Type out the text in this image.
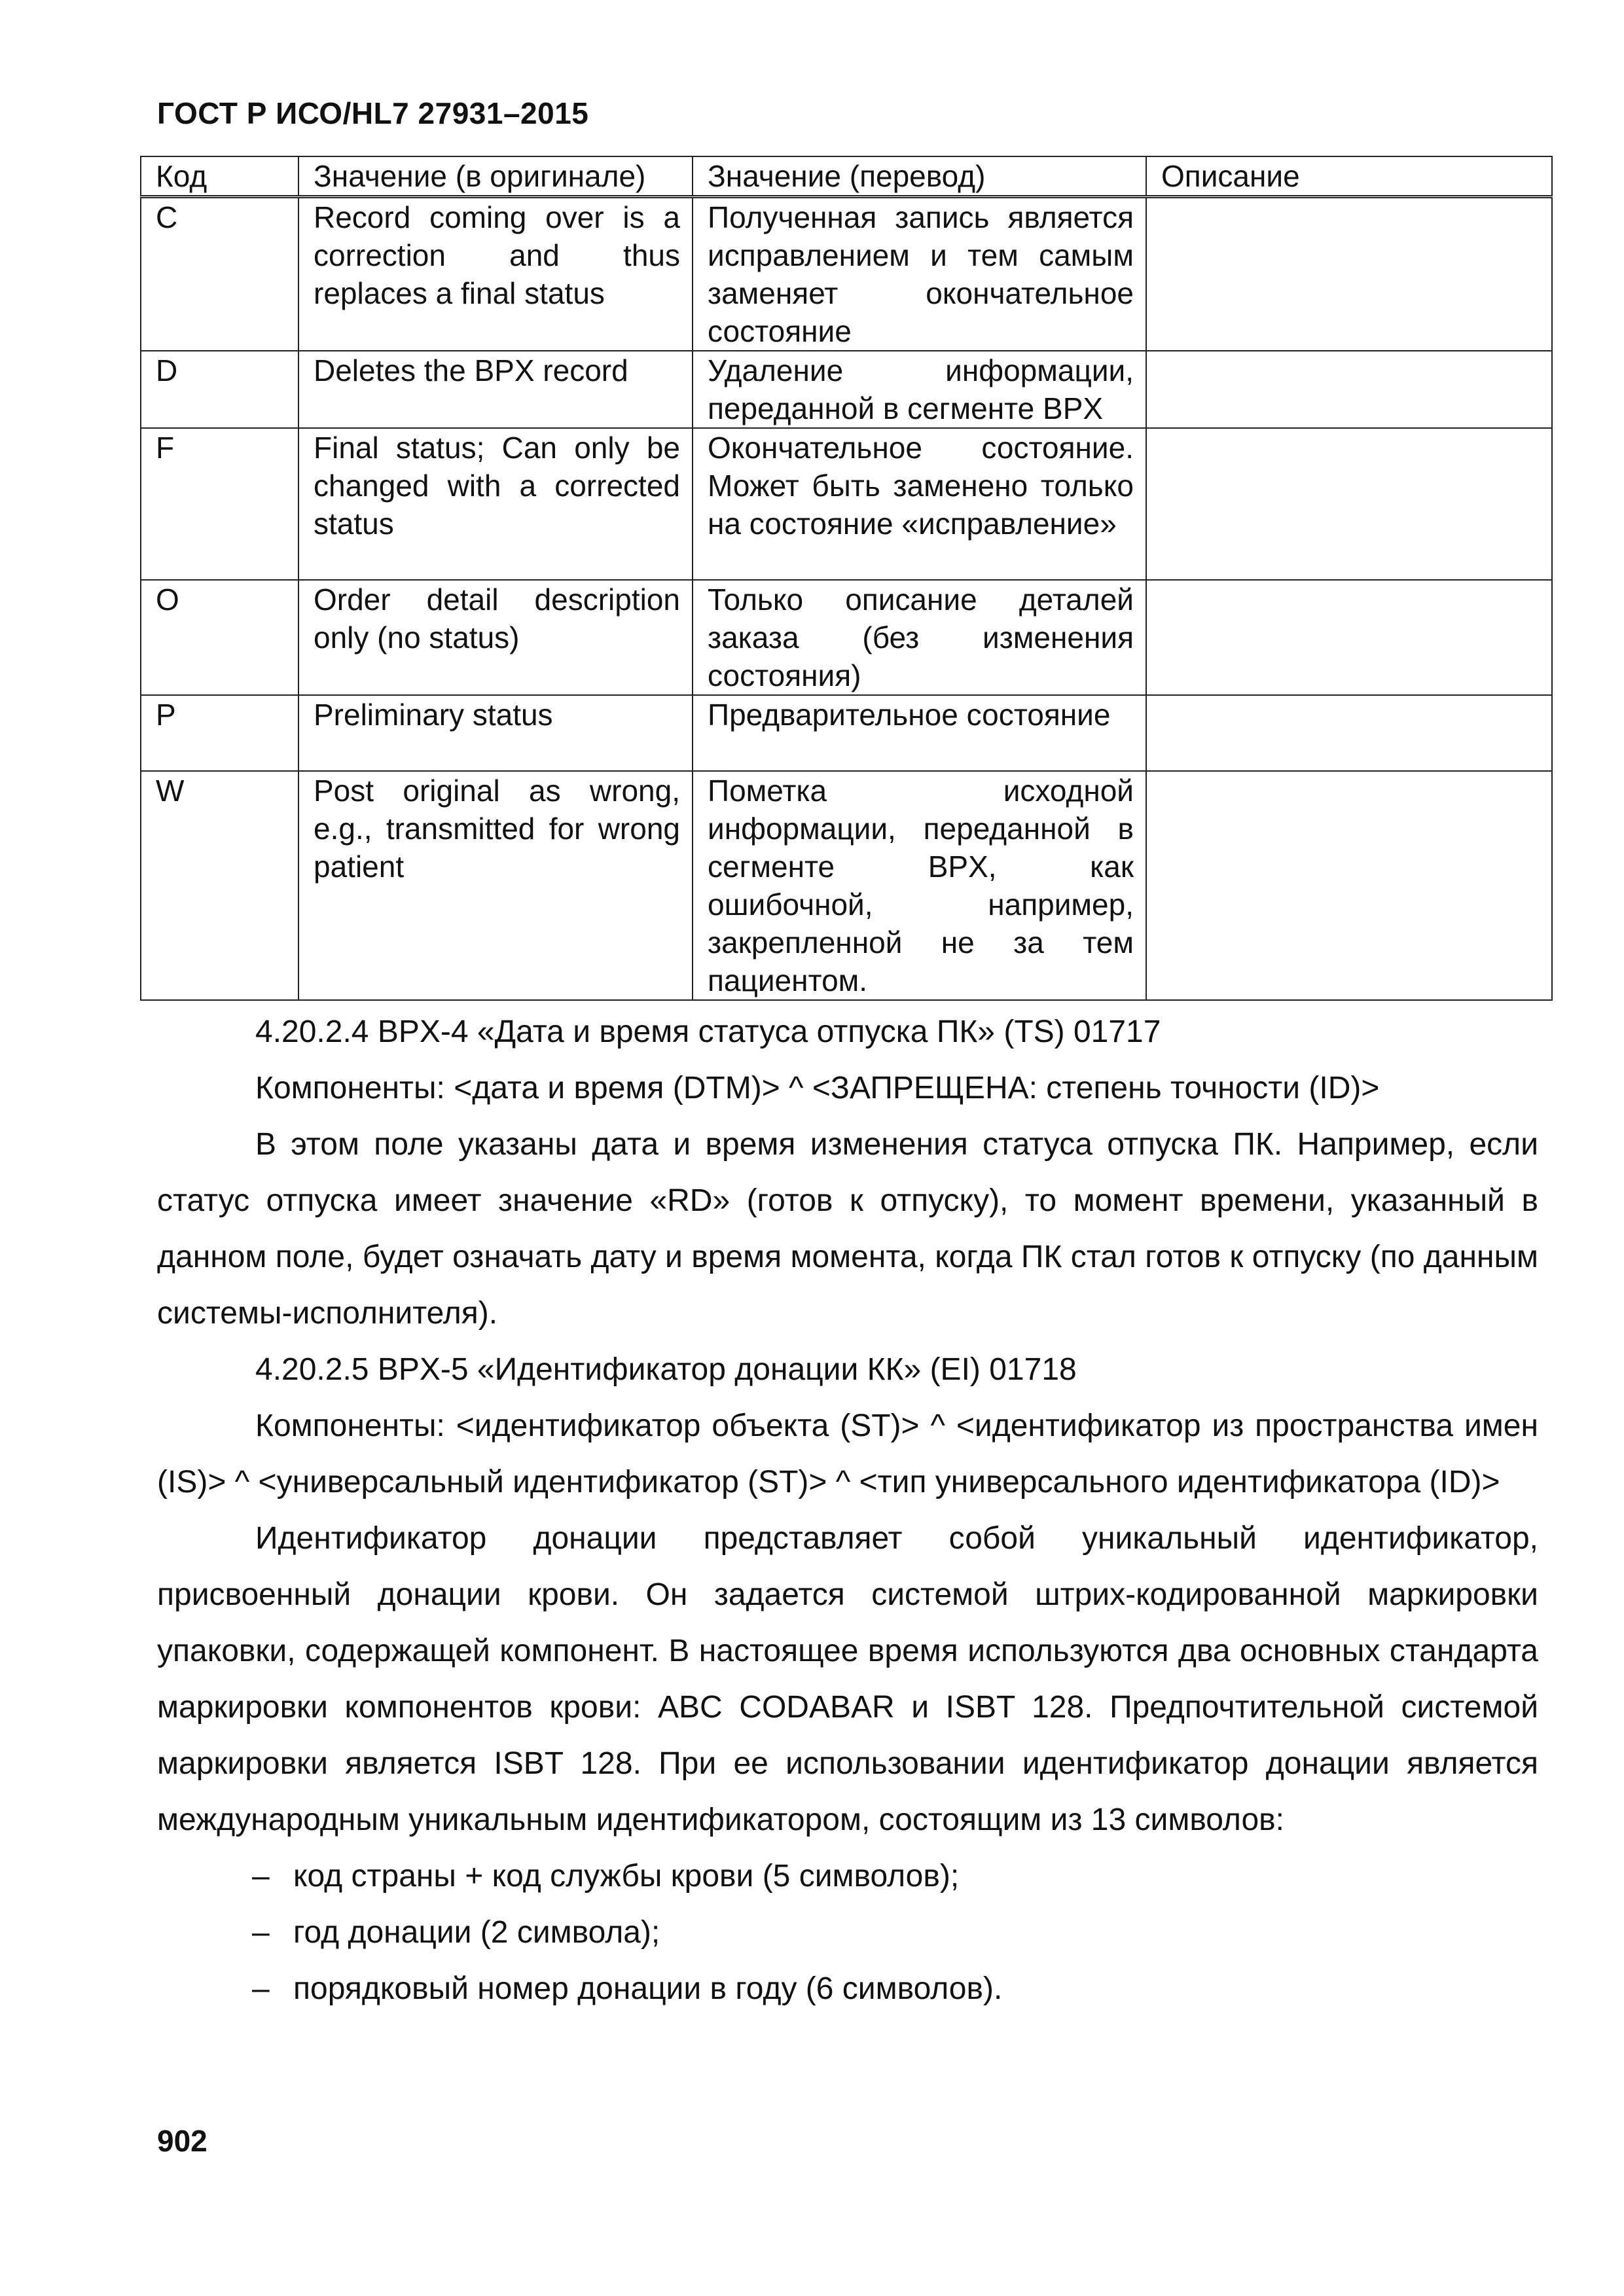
ГОСТ Р ИСО/HL7 27931–2015
Код	Значение (в оригинале)	Значение (перевод)	Описание
C	Record coming over is a correction and thus replaces a final status	Полученная запись является исправлением и тем самым заменяет окончательное состояние	
D	Deletes the BPX record	Удаление информации, переданной в сегменте BPX	
F	Final status; Can only be changed with a corrected status	Окончательное состояние. Может быть заменено только на состояние «исправление»	
O	Order detail description only (no status)	Только описание деталей заказа (без изменения состояния)	
P	Preliminary status	Предварительное состояние	
W	Post original as wrong, e.g., transmitted for wrong patient	Пометка исходной информации, переданной в сегменте BPX, как ошибочной, например, закрепленной не за тем пациентом.	

4.20.2.4 BPX-4 «Дата и время статуса отпуска ПК» (TS) 01717

Компоненты: <дата и время (DTM)> ^ <ЗАПРЕЩЕНА: степень точности (ID)>

В этом поле указаны дата и время изменения статуса отпуска ПК. Например, если статус отпуска имеет значение «RD» (готов к отпуску), то момент времени, указанный в данном поле, будет означать дату и время момента, когда ПК стал готов к отпуску (по данным системы-исполнителя).

4.20.2.5 BPX-5 «Идентификатор донации КК» (EI) 01718

Компоненты: <идентификатор объекта (ST)> ^ <идентификатор из пространства имен (IS)> ^ <универсальный идентификатор (ST)> ^ <тип универсального идентификатора (ID)>

Идентификатор донации представляет собой уникальный идентификатор, присвоенный донации крови. Он задается системой штрих-кодированной маркировки упаковки, содержащей компонент. В настоящее время используются два основных стандарта маркировки компонентов крови: ABC CODABAR и ISBT 128. Предпочтительной системой маркировки является ISBT 128. При ее использовании идентификатор донации является международным уникальным идентификатором, состоящим из 13 символов:

– код страны + код службы крови (5 символов);
– год донации (2 символа);
– порядковый номер донации в году (6 символов).
902
